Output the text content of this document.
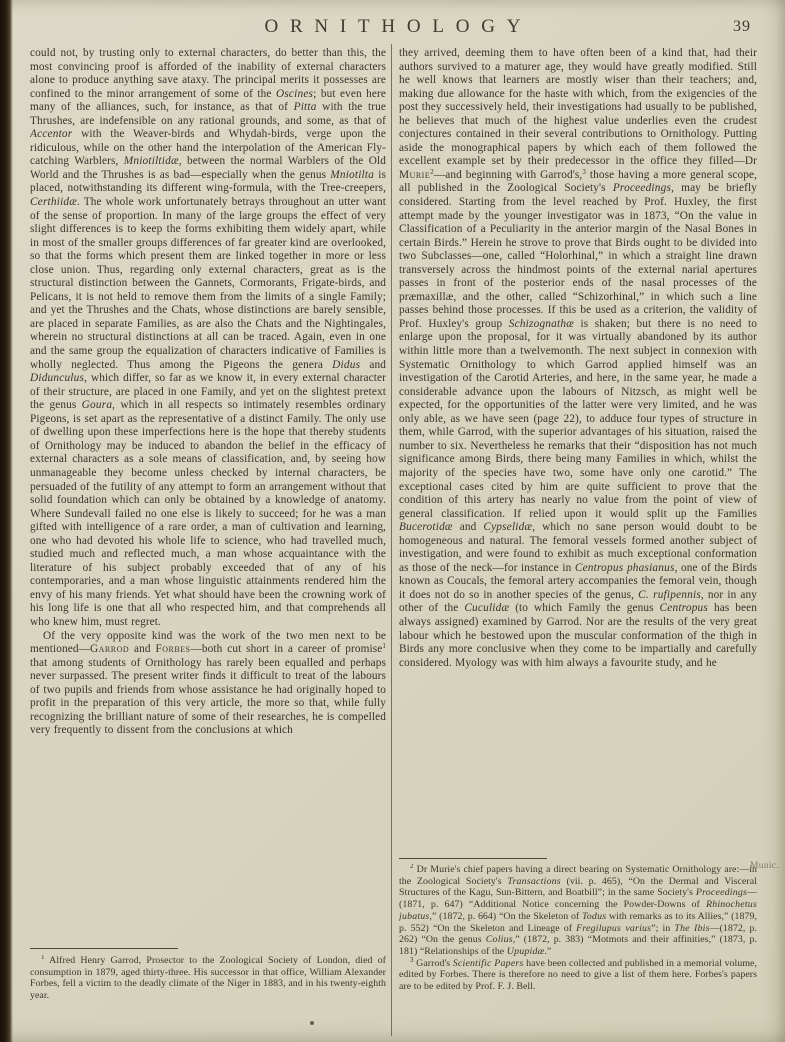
ORNITHOLOGY	39

could not, by trusting only to external characters, do better than this, the most convincing proof is afforded of the inability of external characters alone to produce anything save ataxy. The principal merits it possesses are confined to the minor arrangement of some of the Oscines; but even here many of the alliances, such, for instance, as that of Pitta with the true Thrushes, are indefensible on any rational grounds, and some, as that of Accentor with the Weaver-birds and Whydah-birds, verge upon the ridiculous, while on the other hand the interpolation of the American Fly-catching Warblers, Mniotiltidæ, between the normal Warblers of the Old World and the Thrushes is as bad—especially when the genus Mniotilta is placed, notwithstanding its different wing-formula, with the Tree-creepers, Certhiidæ. The whole work unfortunately betrays throughout an utter want of the sense of proportion. In many of the large groups the effect of very slight differences is to keep the forms exhibiting them widely apart, while in most of the smaller groups differences of far greater kind are overlooked, so that the forms which present them are linked together in more or less close union. Thus, regarding only external characters, great as is the structural distinction between the Gannets, Cormorants, Frigate-birds, and Pelicans, it is not held to remove them from the limits of a single Family; and yet the Thrushes and the Chats, whose distinctions are barely sensible, are placed in separate Families, as are also the Chats and the Nightingales, wherein no structural distinctions at all can be traced. Again, even in one and the same group the equalization of characters indicative of Families is wholly neglected. Thus among the Pigeons the genera Didus and Didunculus, which differ, so far as we know it, in every external character of their structure, are placed in one Family, and yet on the slightest pretext the genus Goura, which in all respects so intimately resembles ordinary Pigeons, is set apart as the representative of a distinct Family. The only use of dwelling upon these imperfections here is the hope that thereby students of Ornithology may be induced to abandon the belief in the efficacy of external characters as a sole means of classification, and, by seeing how unmanageable they become unless checked by internal characters, be persuaded of the futility of any attempt to form an arrangement without that solid foundation which can only be obtained by a knowledge of anatomy. Where Sundevall failed no one else is likely to succeed; for he was a man gifted with intelligence of a rare order, a man of cultivation and learning, one who had devoted his whole life to science, who had travelled much, studied much and reflected much, a man whose acquaintance with the literature of his subject probably exceeded that of any of his contemporaries, and a man whose linguistic attainments rendered him the envy of his many friends. Yet what should have been the crowning work of his long life is one that all who respected him, and that comprehends all who knew him, must regret.

Of the very opposite kind was the work of the two men next to be mentioned—Garrod and Forbes—both cut short in a career of promise$^1$ that among students of Ornithology has rarely been equalled and perhaps never surpassed. The present writer finds it difficult to treat of the labours of two pupils and friends from whose assistance he had originally hoped to profit in the preparation of this very article, the more so that, while fully recognizing the brilliant nature of some of their researches, he is compelled very frequently to dissent from the conclusions at which

they arrived, deeming them to have often been of a kind that, had their authors survived to a maturer age, they would have greatly modified. Still he well knows that learners are mostly wiser than their teachers; and, making due allowance for the haste with which, from the exigencies of the post they successively held, their investigations had usually to be published, he believes that much of the highest value underlies even the crudest conjectures contained in their several contributions to Ornithology. Putting aside the monographical papers by which each of them followed the excellent example set by their predecessor in the office they filled—Dr Murie$^2$—and beginning with Garrod's,$^3$ those having a more general scope, all published in the Zoological Society's Proceedings, may be briefly considered. Starting from the level reached by Prof. Huxley, the first attempt made by the younger investigator was in 1873, “On the value in Classification of a Peculiarity in the anterior margin of the Nasal Bones in certain Birds.” Herein he strove to prove that Birds ought to be divided into two Subclasses—one, called “Holorhinal,” in which a straight line drawn transversely across the hindmost points of the external narial apertures passes in front of the posterior ends of the nasal processes of the præmaxillæ, and the other, called “Schizorhinal,” in which such a line passes behind those processes. If this be used as a criterion, the validity of Prof. Huxley's group Schizognathæ is shaken; but there is no need to enlarge upon the proposal, for it was virtually abandoned by its author within little more than a twelvemonth. The next subject in connexion with Systematic Ornithology to which Garrod applied himself was an investigation of the Carotid Arteries, and here, in the same year, he made a considerable advance upon the labours of Nitzsch, as might well be expected, for the opportunities of the latter were very limited, and he was only able, as we have seen (page 22), to adduce four types of structure in them, while Garrod, with the superior advantages of his situation, raised the number to six. Nevertheless he remarks that their “disposition has not much significance among Birds, there being many Families in which, whilst the majority of the species have two, some have only one carotid.” The exceptional cases cited by him are quite sufficient to prove that the condition of this artery has nearly no value from the point of view of general classification. If relied upon it would split up the Families Bucerotidæ and Cypselidæ, which no sane person would doubt to be homogeneous and natural. The femoral vessels formed another subject of investigation, and were found to exhibit as much exceptional conformation as those of the neck—for instance in Centropus phasianus, one of the Birds known as Coucals, the femoral artery accompanies the femoral vein, though it does not do so in another species of the genus, C. rufipennis, nor in any other of the Cuculidæ (to which Family the genus Centropus has been always assigned) examined by Garrod. Nor are the results of the very great labour which he bestowed upon the muscular conformation of the thigh in Birds any more conclusive when they come to be impartially and carefully considered. Myology was with him always a favourite study, and he

$^1$ Alfred Henry Garrod, Prosector to the Zoological Society of London, died of consumption in 1879, aged thirty-three. His successor in that office, William Alexander Forbes, fell a victim to the deadly climate of the Niger in 1883, and in his twenty-eighth year.

$^2$ Dr Murie's chief papers having a direct bearing on Systematic Ornithology are:—in the Zoological Society's Transactions (vii. p. 465), “On the Dermal and Visceral Structures of the Kagu, Sun-Bittern, and Boatbill”; in the same Society's Proceedings—(1871, p. 647) “Additional Notice concerning the Powder-Downs of Rhinochetus jubatus,” (1872, p. 664) “On the Skeleton of Todus with remarks as to its Allies,” (1879, p. 552) “On the Skeleton and Lineage of Fregilupus varius”; in The Ibis—(1872, p. 262) “On the genus Colius,” (1872, p. 383) “Motmots and their affinities,” (1873, p. 181) “Relationships of the Upupidæ.”

$^3$ Garrod's Scientific Papers have been collected and published in a memorial volume, edited by Forbes. There is therefore no need to give a list of them here. Forbes's papers are to be edited by Prof. F. J. Bell.

Munic.
